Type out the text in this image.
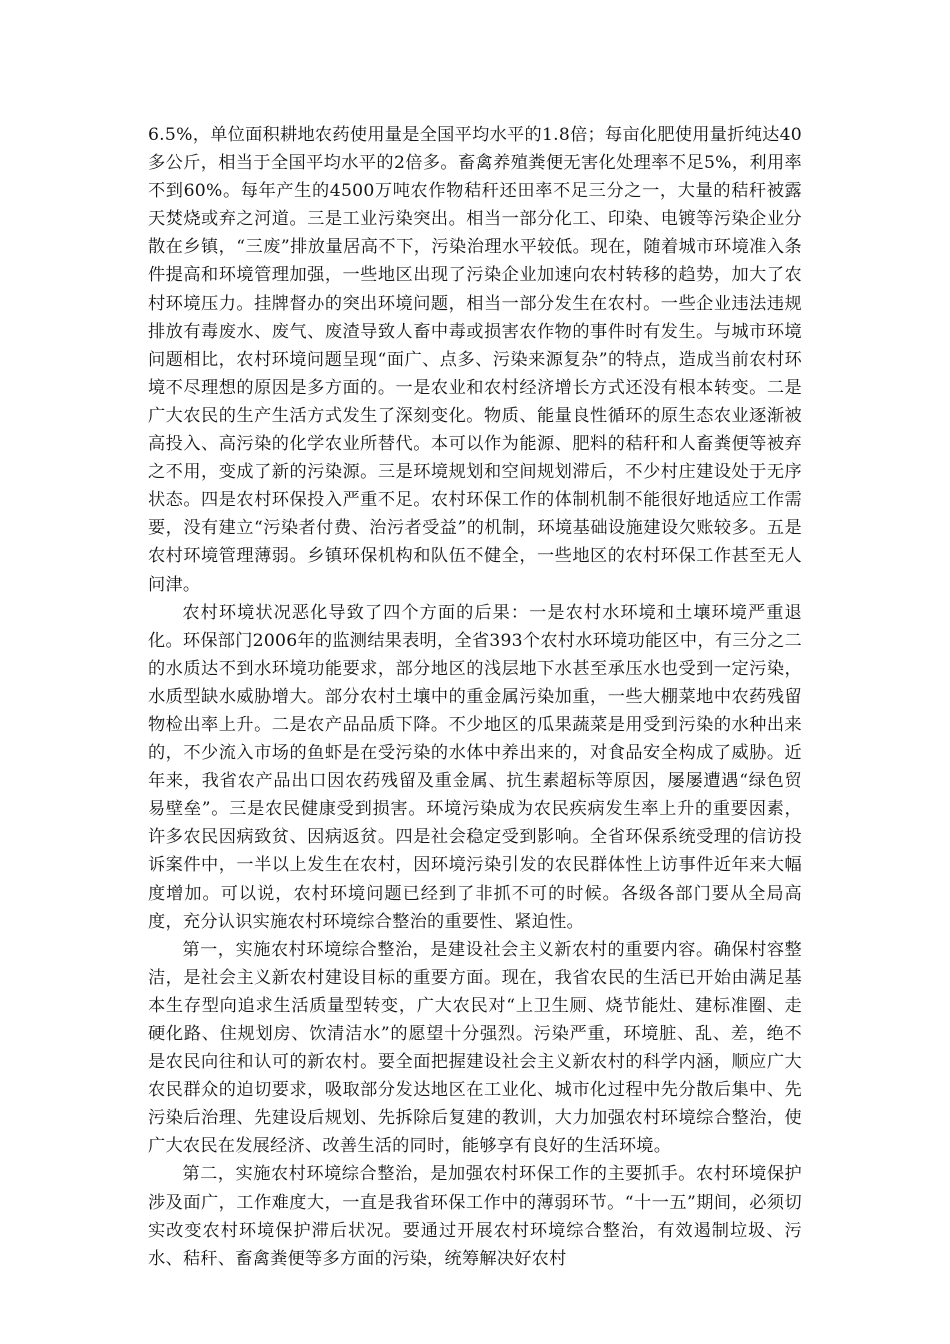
6.5%，单位面积耕地农药使用量是全国平均水平的1.8倍；每亩化肥使用量折纯达40多公斤，相当于全国平均水平的2倍多。畜禽养殖粪便无害化处理率不足5%，利用率不到60%。每年产生的4500万吨农作物秸秆还田率不足三分之一，大量的秸秆被露天焚烧或弃之河道。三是工业污染突出。相当一部分化工、印染、电镀等污染企业分散在乡镇，“三废”排放量居高不下，污染治理水平较低。现在，随着城市环境准入条件提高和环境管理加强，一些地区出现了污染企业加速向农村转移的趋势，加大了农村环境压力。挂牌督办的突出环境问题，相当一部分发生在农村。一些企业违法违规排放有毒废水、废气、废渣导致人畜中毒或损害农作物的事件时有发生。与城市环境问题相比，农村环境问题呈现“面广、点多、污染来源复杂”的特点，造成当前农村环境不尽理想的原因是多方面的。一是农业和农村经济增长方式还没有根本转变。二是广大农民的生产生活方式发生了深刻变化。物质、能量良性循环的原生态农业逐渐被高投入、高污染的化学农业所替代。本可以作为能源、肥料的秸秆和人畜粪便等被弃之不用，变成了新的污染源。三是环境规划和空间规划滞后，不少村庄建设处于无序状态。四是农村环保投入严重不足。农村环保工作的体制机制不能很好地适应工作需要，没有建立“污染者付费、治污者受益”的机制，环境基础设施建设欠账较多。五是农村环境管理薄弱。乡镇环保机构和队伍不健全，一些地区的农村环保工作甚至无人问津。

农村环境状况恶化导致了四个方面的后果：一是农村水环境和土壤环境严重退化。环保部门2006年的监测结果表明，全省393个农村水环境功能区中，有三分之二的水质达不到水环境功能要求，部分地区的浅层地下水甚至承压水也受到一定污染，水质型缺水威胁增大。部分农村土壤中的重金属污染加重，一些大棚菜地中农药残留物检出率上升。二是农产品品质下降。不少地区的瓜果蔬菜是用受到污染的水种出来的，不少流入市场的鱼虾是在受污染的水体中养出来的，对食品安全构成了威胁。近年来，我省农产品出口因农药残留及重金属、抗生素超标等原因，屡屡遭遇“绿色贸易壁垒”。三是农民健康受到损害。环境污染成为农民疾病发生率上升的重要因素，许多农民因病致贫、因病返贫。四是社会稳定受到影响。全省环保系统受理的信访投诉案件中，一半以上发生在农村，因环境污染引发的农民群体性上访事件近年来大幅度增加。可以说，农村环境问题已经到了非抓不可的时候。各级各部门要从全局高度，充分认识实施农村环境综合整治的重要性、紧迫性。

第一，实施农村环境综合整治，是建设社会主义新农村的重要内容。确保村容整洁，是社会主义新农村建设目标的重要方面。现在，我省农民的生活已开始由满足基本生存型向追求生活质量型转变，广大农民对“上卫生厕、烧节能灶、建标准圈、走硬化路、住规划房、饮清洁水”的愿望十分强烈。污染严重，环境脏、乱、差，绝不是农民向往和认可的新农村。要全面把握建设社会主义新农村的科学内涵，顺应广大农民群众的迫切要求，吸取部分发达地区在工业化、城市化过程中先分散后集中、先污染后治理、先建设后规划、先拆除后复建的教训，大力加强农村环境综合整治，使广大农民在发展经济、改善生活的同时，能够享有良好的生活环境。

第二，实施农村环境综合整治，是加强农村环保工作的主要抓手。农村环境保护涉及面广，工作难度大，一直是我省环保工作中的薄弱环节。“十一五”期间，必须切实改变农村环境保护滞后状况。要通过开展农村环境综合整治，有效遏制垃圾、污水、秸秆、畜禽粪便等多方面的污染，统筹解决好农村
